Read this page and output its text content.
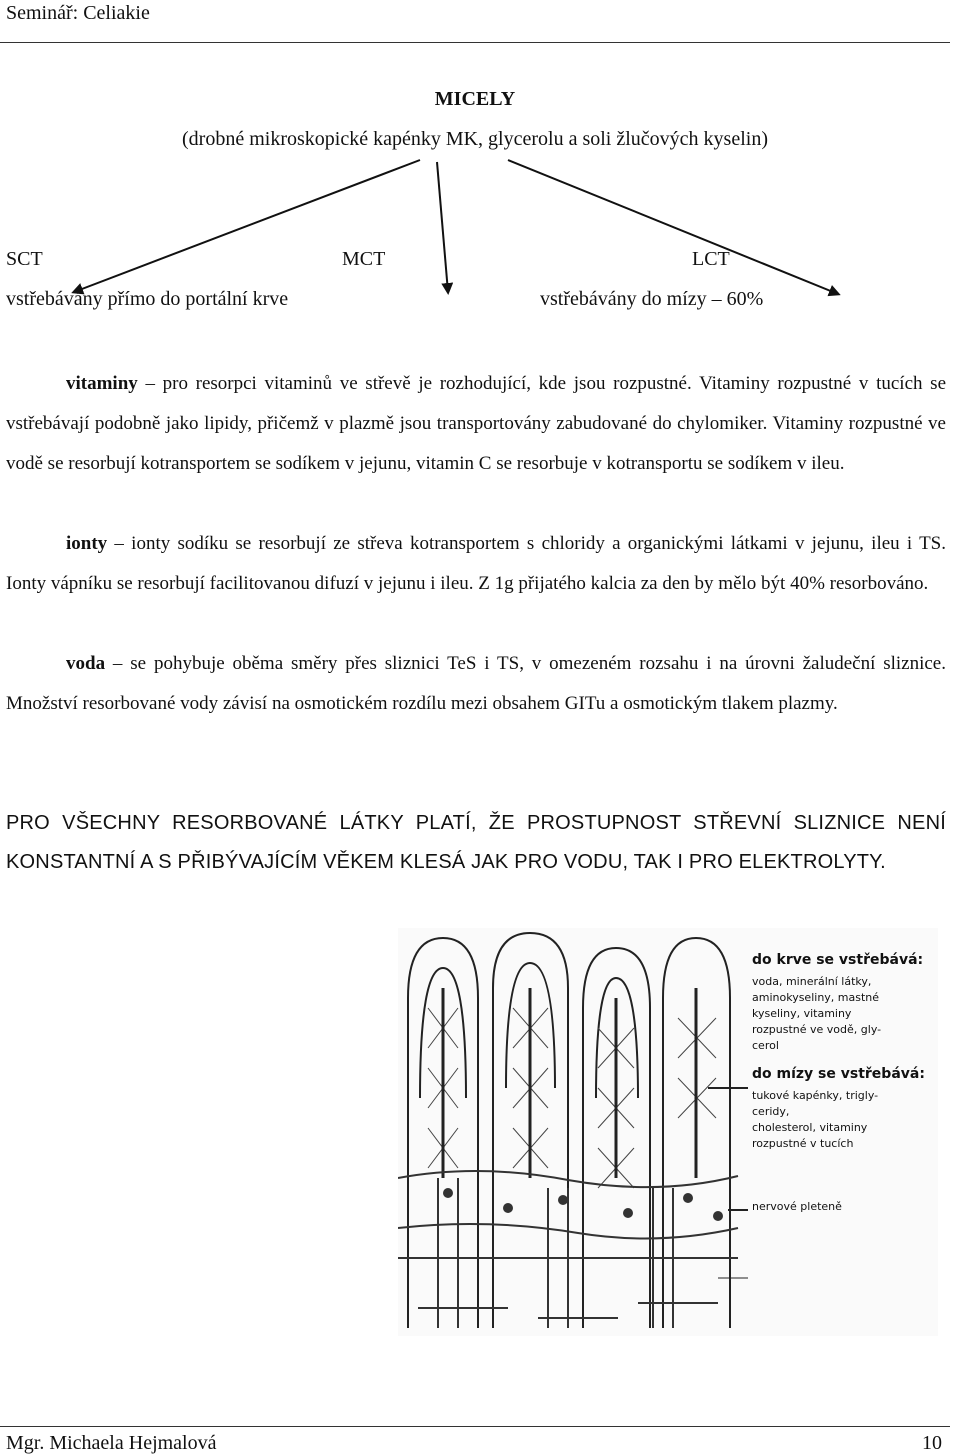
Seminář: Celiakie
MICELY
(drobné mikroskopické kapénky MK, glycerolu a soli žlučových kyselin)
SCT	MCT	LCT
vstřebávány přímo do portální krve	vstřebávány do mízy – 60%
vitaminy – pro resorpci vitaminů ve střevě je rozhodující, kde jsou rozpustné. Vitaminy rozpustné v tucích se vstřebávají podobně jako lipidy, přičemž v plazmě jsou transportovány zabudované do chylomiker. Vitaminy rozpustné ve vodě se resorbují kotransportem se sodíkem v jejunu, vitamin C se resorbuje v kotransportu se sodíkem v ileu.
ionty – ionty sodíku se resorbují ze střeva kotransportem s chloridy a organickými látkami v jejunu, ileu i TS. Ionty vápníku se resorbují facilitovanou difuzí v jejunu i ileu. Z 1g přijatého kalcia za den by mělo být 40% resorbováno.
voda – se pohybuje oběma směry přes sliznici TeS i TS, v omezeném rozsahu i na úrovni žaludeční sliznice. Množství resorbované vody závisí na osmotickém rozdílu mezi obsahem GITu a osmotickým tlakem plazmy.
PRO VŠECHNY RESORBOVANÉ LÁTKY PLATÍ, ŽE PROSTUPNOST STŘEVNÍ SLIZNICE NENÍ KONSTANTNÍ A S PŘIBÝVAJÍCÍM VĚKEM KLESÁ JAK PRO VODU, TAK I PRO ELEKTROLYTY.
do krve se vstřebává:
voda, minerální látky,
aminokyseliny, mastné
kyseliny, vitaminy
rozpustné ve vodě, gly-
cerol
do mízy se vstřebává:
tukové kapénky, trigly-
ceridy,
cholesterol, vitaminy
rozpustné v tucích
nervové pleteně
Mgr. Michaela Hejmalová	10
